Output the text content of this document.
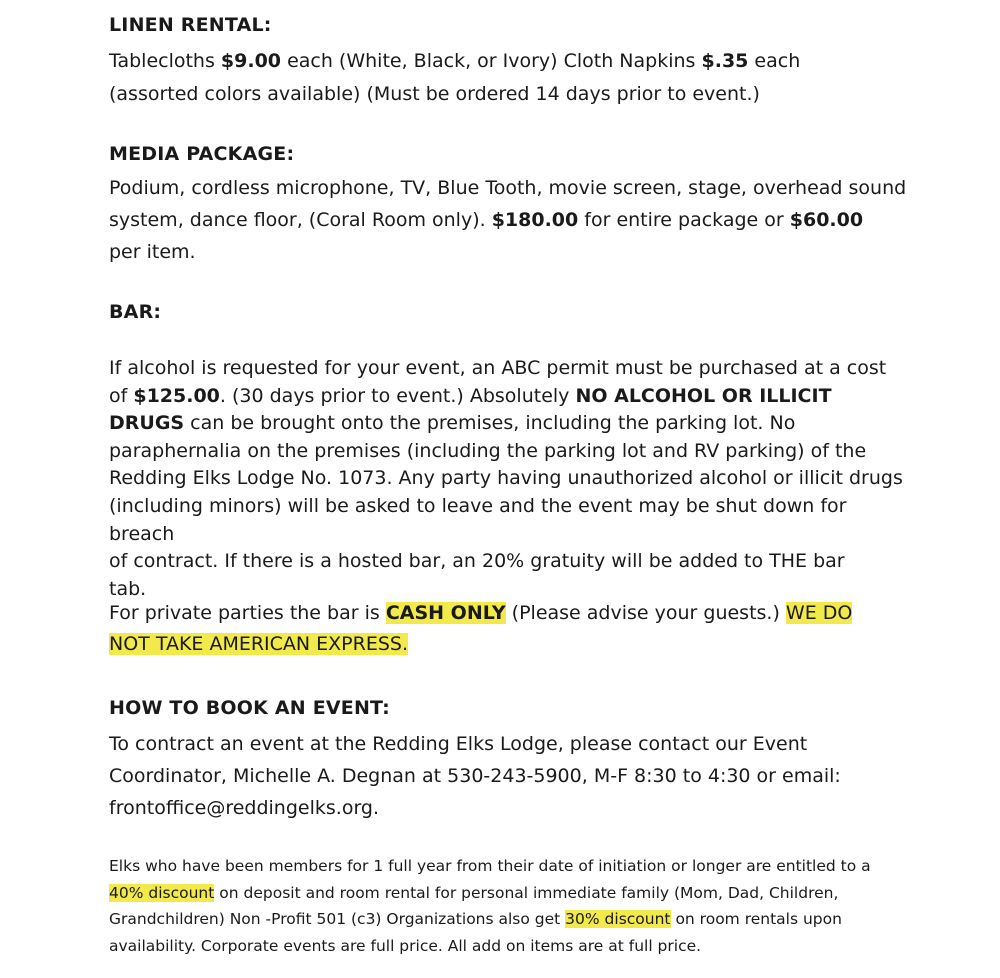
LINEN RENTAL:

Tablecloths $9.00 each (White, Black, or Ivory) Cloth Napkins $.35 each
(assorted colors available) (Must be ordered 14 days prior to event.)

MEDIA PACKAGE:

Podium, cordless microphone, TV, Blue Tooth, movie screen, stage, overhead sound
system, dance floor, (Coral Room only). $180.00 for entire package or $60.00
per item.

BAR:

If alcohol is requested for your event, an ABC permit must be purchased at a cost
of $125.00. (30 days prior to event.) Absolutely NO ALCOHOL OR ILLICIT
DRUGS can be brought onto the premises, including the parking lot. No
paraphernalia on the premises (including the parking lot and RV parking) of the
Redding Elks Lodge No. 1073. Any party having unauthorized alcohol or illicit drugs
(including minors) will be asked to leave and the event may be shut down for breach
of contract. If there is a hosted bar, an 20% gratuity will be added to THE bar
tab.

For private parties the bar is CASH ONLY (Please advise your guests.) WE DO
NOT TAKE AMERICAN EXPRESS.

HOW TO BOOK AN EVENT:

To contract an event at the Redding Elks Lodge, please contact our Event
Coordinator, Michelle A. Degnan at 530-243-5900, M-F 8:30 to 4:30 or email:
frontoffice@reddingelks.org.

Elks who have been members for 1 full year from their date of initiation or longer are entitled to a
40% discount on deposit and room rental for personal immediate family (Mom, Dad, Children,
Grandchildren) Non -Profit 501 (c3) Organizations also get 30% discount on room rentals upon
availability. Corporate events are full price. All add on items are at full price.
